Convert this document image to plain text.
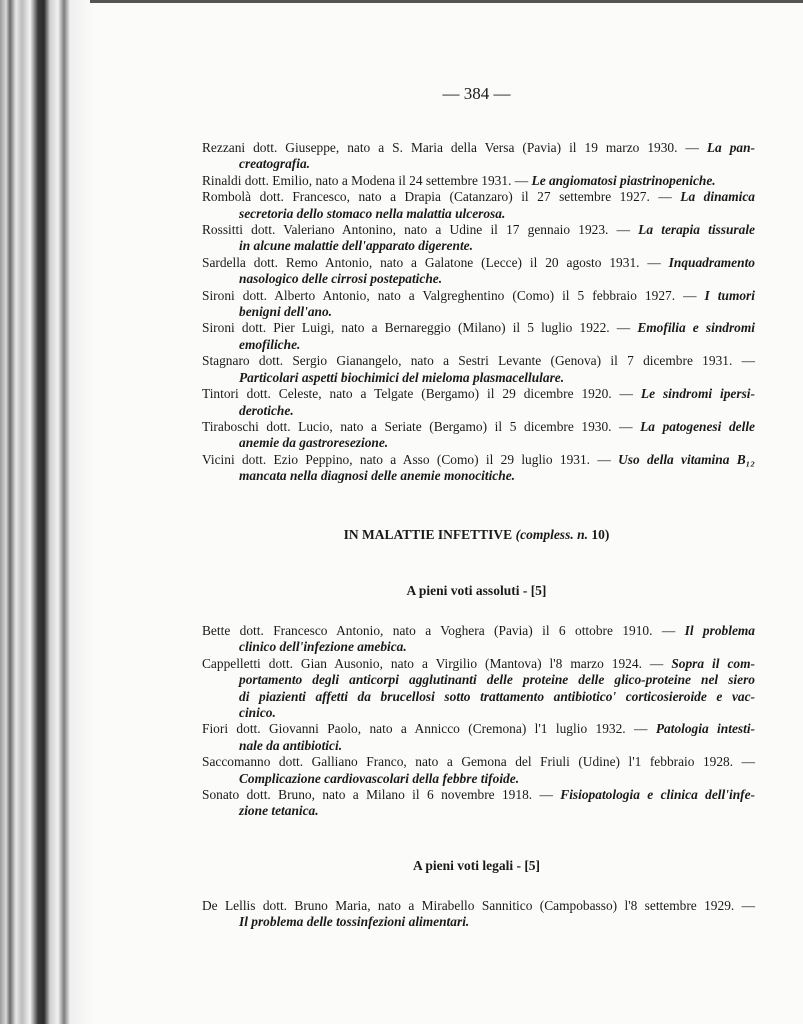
— 384 —
Rezzani dott. Giuseppe, nato a S. Maria della Versa (Pavia) il 19 marzo 1930. — La pan-
creatografia.
Rinaldi dott. Emilio, nato a Modena il 24 settembre 1931. — Le angiomatosi piastrinopeniche.
Rombolà dott. Francesco, nato a Drapia (Catanzaro) il 27 settembre 1927. — La dinamica
secretoria dello stomaco nella malattia ulcerosa.
Rossitti dott. Valeriano Antonino, nato a Udine il 17 gennaio 1923. — La terapia tissurale
in alcune malattie dell'apparato digerente.
Sardella dott. Remo Antonio, nato a Galatone (Lecce) il 20 agosto 1931. — Inquadramento
nasologico delle cirrosi postepatiche.
Sironi dott. Alberto Antonio, nato a Valgreghentino (Como) il 5 febbraio 1927. — I tumori
benigni dell'ano.
Sironi dott. Pier Luigi, nato a Bernareggio (Milano) il 5 luglio 1922. — Emofilia e sindromi
emofiliche.
Stagnaro dott. Sergio Gianangelo, nato a Sestri Levante (Genova) il 7 dicembre 1931. —
Particolari aspetti biochimici del mieloma plasmacellulare.
Tintori dott. Celeste, nato a Telgate (Bergamo) il 29 dicembre 1920. — Le sindromi ipersi-
derotiche.
Tiraboschi dott. Lucio, nato a Seriate (Bergamo) il 5 dicembre 1930. — La patogenesi delle
anemie da gastroresezione.
Vicini dott. Ezio Peppino, nato a Asso (Como) il 29 luglio 1931. — Uso della vitamina B₁₂
mancata nella diagnosi delle anemie monocitiche.
IN MALATTIE INFETTIVE (compless. n. 10)
A pieni voti assoluti - [5]
Bette dott. Francesco Antonio, nato a Voghera (Pavia) il 6 ottobre 1910. — Il problema
clinico dell'infezione amebica.
Cappelletti dott. Gian Ausonio, nato a Virgilio (Mantova) l'8 marzo 1924. — Sopra il com-
portamento degli anticorpi agglutinanti delle proteine delle glico-proteine nel siero
di piazienti affetti da brucellosi sotto trattamento antibiotico' corticosieroide e vac-
cinico.
Fiori dott. Giovanni Paolo, nato a Annicco (Cremona) l'1 luglio 1932. — Patologia intesti-
nale da antibiotici.
Saccomanno dott. Galliano Franco, nato a Gemona del Friuli (Udine) l'1 febbraio 1928. —
Complicazione cardiovascolari della febbre tifoide.
Sonato dott. Bruno, nato a Milano il 6 novembre 1918. — Fisiopatologia e clinica dell'infe-
zione tetanica.
A pieni voti legali - [5]
De Lellis dott. Bruno Maria, nato a Mirabello Sannitico (Campobasso) l'8 settembre 1929. —
Il problema delle tossinfezioni alimentari.
